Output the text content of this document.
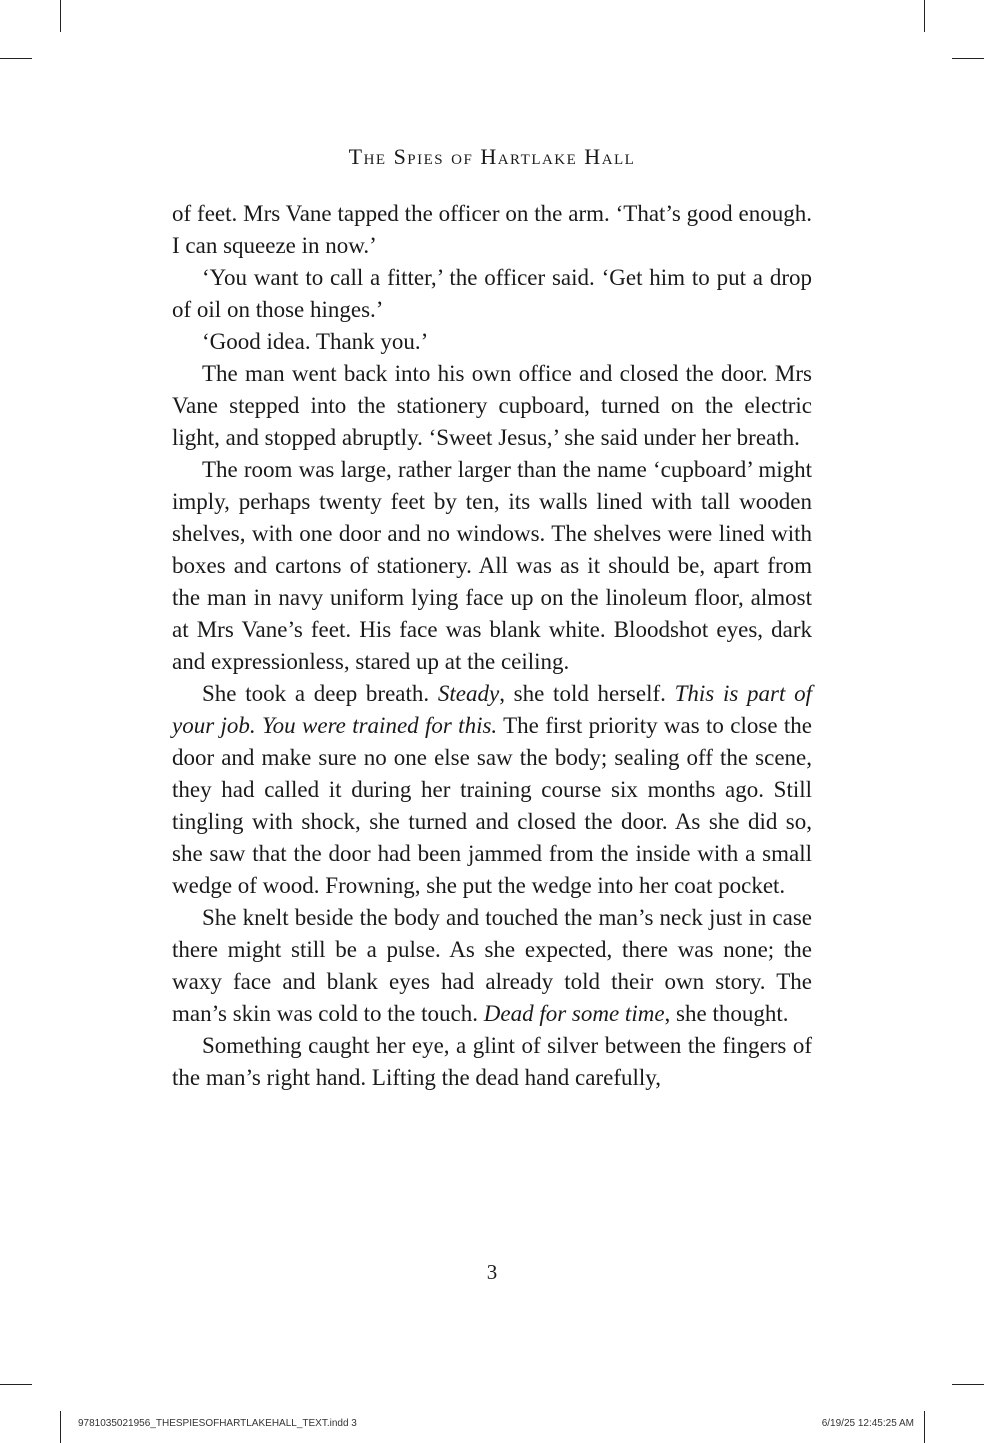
The Spies of Hartlake Hall

of feet. Mrs Vane tapped the officer on the arm. ‘That’s good enough. I can squeeze in now.’

‘You want to call a fitter,’ the officer said. ‘Get him to put a drop of oil on those hinges.’

‘Good idea. Thank you.’

The man went back into his own office and closed the door. Mrs Vane stepped into the stationery cupboard, turned on the electric light, and stopped abruptly. ‘Sweet Jesus,’ she said under her breath.

The room was large, rather larger than the name ‘cupboard’ might imply, perhaps twenty feet by ten, its walls lined with tall wooden shelves, with one door and no windows. The shelves were lined with boxes and cartons of stationery. All was as it should be, apart from the man in navy uniform lying face up on the linoleum floor, almost at Mrs Vane’s feet. His face was blank white. Bloodshot eyes, dark and expressionless, stared up at the ceiling.

She took a deep breath. Steady, she told herself. This is part of your job. You were trained for this. The first priority was to close the door and make sure no one else saw the body; sealing off the scene, they had called it during her training course six months ago. Still tingling with shock, she turned and closed the door. As she did so, she saw that the door had been jammed from the inside with a small wedge of wood. Frowning, she put the wedge into her coat pocket.

She knelt beside the body and touched the man’s neck just in case there might still be a pulse. As she expected, there was none; the waxy face and blank eyes had already told their own story. The man’s skin was cold to the touch. Dead for some time, she thought.

Something caught her eye, a glint of silver between the fingers of the man’s right hand. Lifting the dead hand carefully,

3
9781035021956_THESPIESOFHARTLAKEHALL_TEXT.indd 3	6/19/25 12:45:25 AM
